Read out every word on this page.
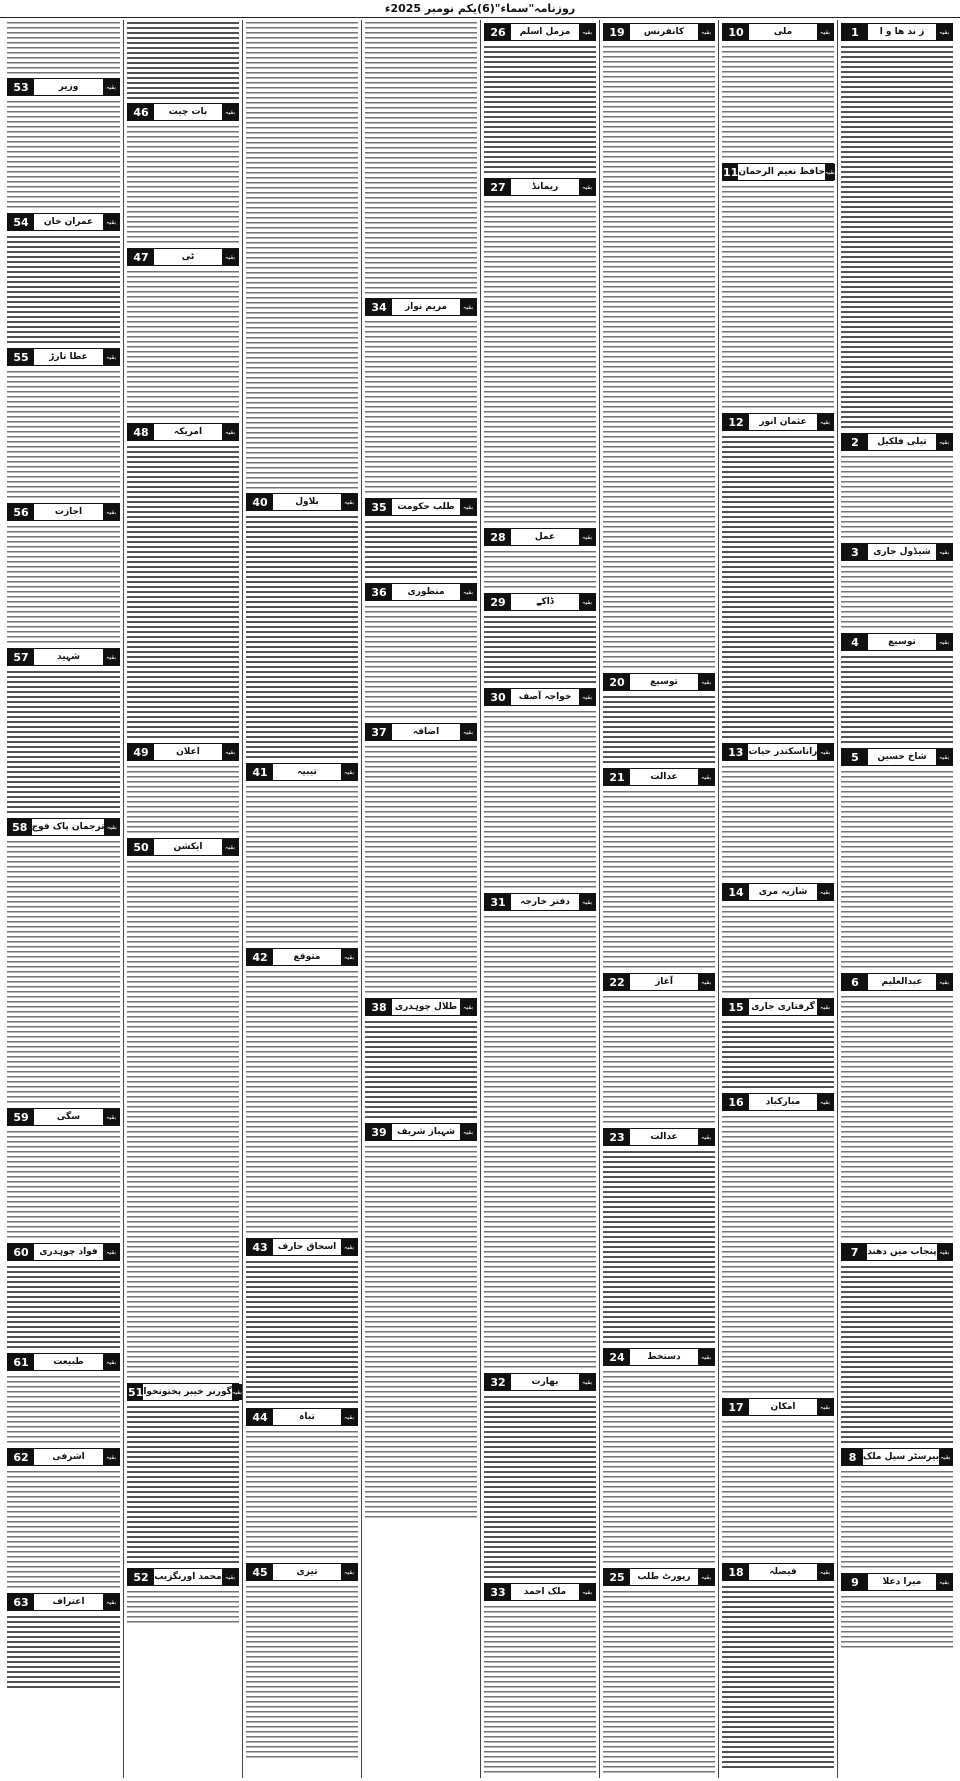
روزنامہ"سماء"(6)یکم نومبر 2025ء
1	ز ند ھا و ا	بقیہ
2	تیلی فلکیل	بقیہ
3	شیڈول جاری	بقیہ
4	توسیع	بقیہ
5	شاخ حسین	بقیہ
6	عبدالعلیم	بقیہ
7 پنجاب میں دھند بقیہ
8 بیرسٹر سیل ملک بقیہ
9	میرا دعلا	بقیہ
10	ملی	بقیہ
11 حافظ نعیم الرحمان بقیہ
12	عثمان انور	بقیہ
13 راناسکندر حیات بقیہ
14	شازیہ مری	بقیہ
15 گرفتاری جاری بقیہ
16	مبارکباد	بقیہ
17	امکان	بقیہ
18	فیصلہ	بقیہ
19	کانفرنس	بقیہ
20	توسیع	بقیہ
21	عدالت	بقیہ
22	آغاز	بقیہ
23	عدالت	بقیہ
24	دستخط	بقیہ
25	رپورٹ طلب	بقیہ
26	مزمل اسلم	بقیہ
27	ریمانڈ	بقیہ
28	عمل	بقیہ
29	ڈاکے	بقیہ
30	خواجہ آصف	بقیہ
31	دفتر خارجہ	بقیہ
32	بھارت	بقیہ
33	ملک احمد	بقیہ
34	مریم نواز	بقیہ
35	طلب حکومت	بقیہ
36	منظوری	بقیہ
37	اضافہ	بقیہ
38 طلال چوہدری بقیہ
39	شہباز شریف	بقیہ
40	بلاول	بقیہ
41	تیبیہ	بقیہ
42	متوقع	بقیہ
43	اسحاق حارف	بقیہ
44	تباہ	بقیہ
45	تیزی	بقیہ
46	بات چیت	بقیہ
47	ٹی	بقیہ
48	امریکہ	بقیہ
49	اعلان	بقیہ
50	ایکشن	بقیہ
51 گورنر خیبر پختونخوا بقیہ
52 محمد اورنگزیب بقیہ
53	وزیر	بقیہ
54	عمران خان	بقیہ
55	عطا تارڑ	بقیہ
56	اجازت	بقیہ
57	شہید	بقیہ
58 ترجمان پاک فوج بقیہ
59	سگی	بقیہ
60	فواد چوہدری	بقیہ
61	طبیعت	بقیہ
62	اشرفی	بقیہ
63	اعتراف	بقیہ
